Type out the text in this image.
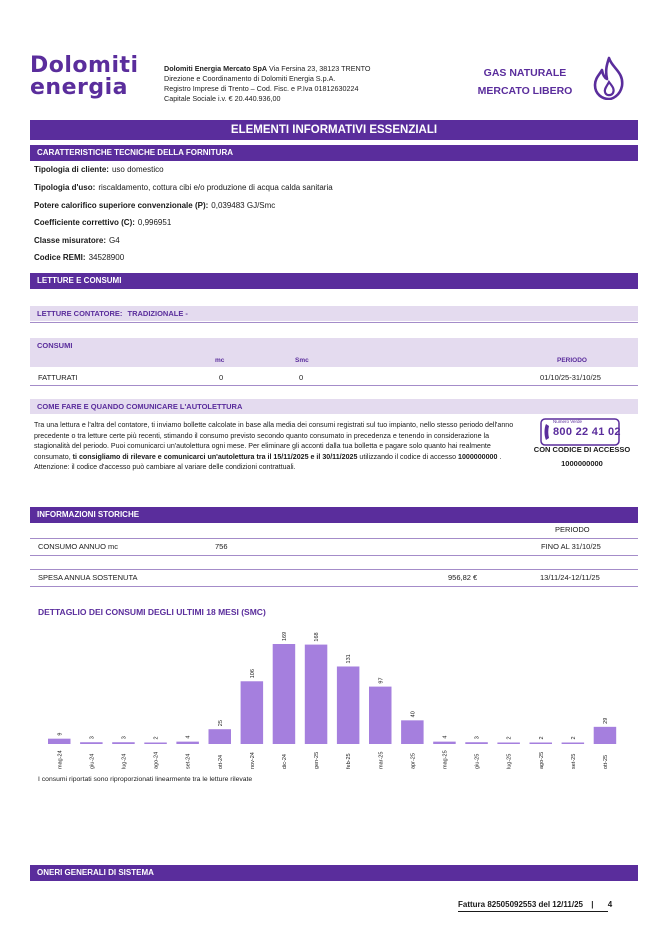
Dolomiti
energia
Dolomiti Energia Mercato SpA Via Fersina 23, 38123 TRENTO
Direzione e Coordinamento di Dolomiti Energia S.p.A.
Registro Imprese di Trento – Cod. Fisc. e P.Iva 01812630224
Capitale Sociale i.v. € 20.440.936,00
GAS NATURALE
MERCATO LIBERO
ELEMENTI INFORMATIVI ESSENZIALI
CARATTERISTICHE TECNICHE DELLA FORNITURA
Tipologia di cliente: uso domestico
Tipologia d'uso: riscaldamento, cottura cibi e/o produzione di acqua calda sanitaria
Potere calorifico superiore convenzionale (P): 0,039483 GJ/Smc
Coefficiente correttivo (C): 0,996951
Classe misuratore: G4
Codice REMI: 34528900
LETTURE E CONSUMI
LETTURE CONTATORE: TRADIZIONALE -
CONSUMI
mc	Smc	PERIODO
FATTURATI	0	0	01/10/25-31/10/25
COME FARE E QUANDO COMUNICARE L'AUTOLETTURA
Tra una lettura e l'altra del contatore, ti inviamo bollette calcolate in base alla media dei consumi registrati sul tuo impianto, nello stesso periodo dell'anno precedente o tra letture certe più recenti, stimando il consumo previsto secondo quanto consumato in precedenza e tenendo in considerazione la stagionalità del periodo. Puoi comunicarci un'autolettura ogni mese. Per eliminare gli acconti dalla tua bolletta e pagare solo quanto hai realmente consumato, ti consigliamo di rilevare e comunicarci un'autolettura tra il 15/11/2025 e il 30/11/2025 utilizzando il codice di accesso 1000000000 . Attenzione: il codice d'accesso può cambiare al variare delle condizioni contrattuali.
Numero Verde
800 22 41 02
CON CODICE DI ACCESSO
1000000000
INFORMAZIONI STORICHE
PERIODO
CONSUMO ANNUO mc	756	FINO AL 31/10/25
SPESA ANNUA SOSTENUTA	956,82 €	13/11/24-12/11/25
DETTAGLIO DEI CONSUMI DEGLI ULTIMI 18 MESI (SMC)
9
mag-24
3
giu-24
3
lug-24
2
ago-24
4
set-24
25
ott-24
106
nov-24
169
dic-24
168
gen-25
131
feb-25
97
mar-25
40
apr-25
4
mag-25
3
giu-25
2
lug-25
2
ago-25
2
set-25
29
ott-25
I consumi riportati sono riproporzionati linearmente tra le letture rilevate
ONERI GENERALI DI SISTEMA
Fattura 82505092553 del 12/11/25 | 4
